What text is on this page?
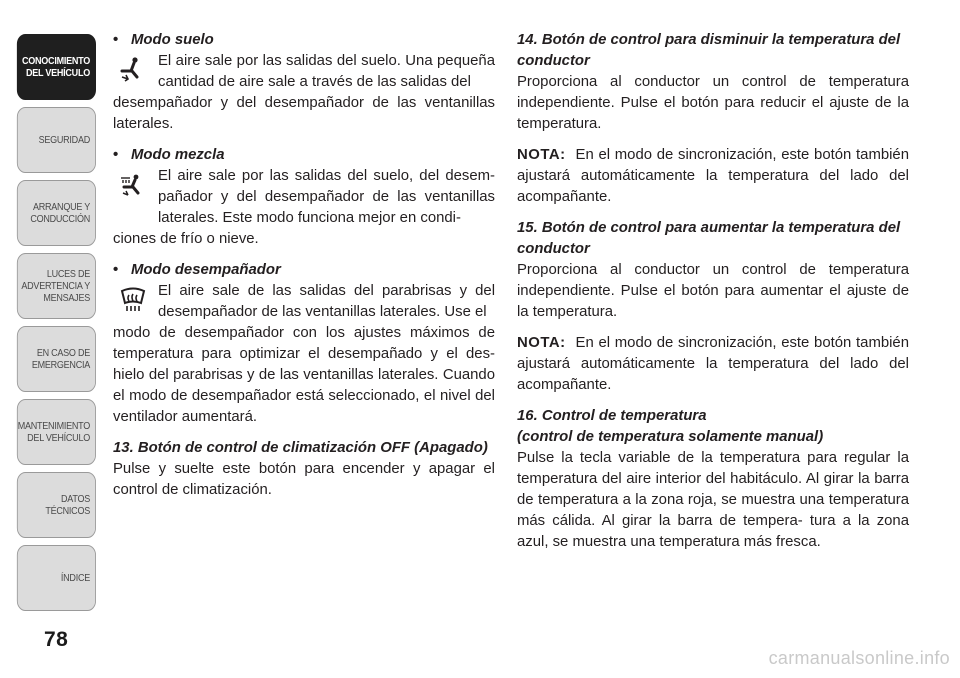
CONOCIMIENTO
DEL VEHÍCULO
SEGURIDAD
ARRANQUE Y
CONDUCCIÓN
LUCES DE
ADVERTENCIA Y
MENSAJES
EN CASO DE
EMERGENCIA
MANTENIMIENTO
DEL VEHÍCULO
DATOS
TÉCNICOS
ÍNDICE
78
• Modo suelo

El aire sale por las salidas del suelo. Una pequeña cantidad de aire sale a través de las salidas del

desempañador y del desempañador de las ventanillas laterales.

• Modo mezcla

El aire sale por las salidas del suelo, del desem- pañador y del desempañador de las ventanillas laterales. Este modo funciona mejor en condi-

ciones de frío o nieve.

• Modo desempañador

El aire sale de las salidas del parabrisas y del desempañador de las ventanillas laterales. Use el

modo de desempañador con los ajustes máximos de temperatura para optimizar el desempañado y el des- hielo del parabrisas y de las ventanillas laterales. Cuando el modo de desempañador está seleccionado, el nivel del ventilador aumentará.

13. Botón de control de climatización OFF (Apagado)

Pulse y suelte este botón para encender y apagar el control de climatización.

14. Botón de control para disminuir la temperatura del conductor

Proporciona al conductor un control de temperatura independiente. Pulse el botón para reducir el ajuste de la temperatura.

NOTA: En el modo de sincronización, este botón también ajustará automáticamente la temperatura del lado del acompañante.

15. Botón de control para aumentar la temperatura del conductor

Proporciona al conductor un control de temperatura independiente. Pulse el botón para aumentar el ajuste de la temperatura.

NOTA: En el modo de sincronización, este botón también ajustará automáticamente la temperatura del lado del acompañante.

16. Control de temperatura

(control de temperatura solamente manual)

Pulse la tecla variable de la temperatura para regular la temperatura del aire interior del habitáculo. Al girar la barra de temperatura a la zona roja, se muestra una temperatura más cálida. Al girar la barra de tempera- tura a la zona azul, se muestra una temperatura más fresca.

carmanualsonline.info
